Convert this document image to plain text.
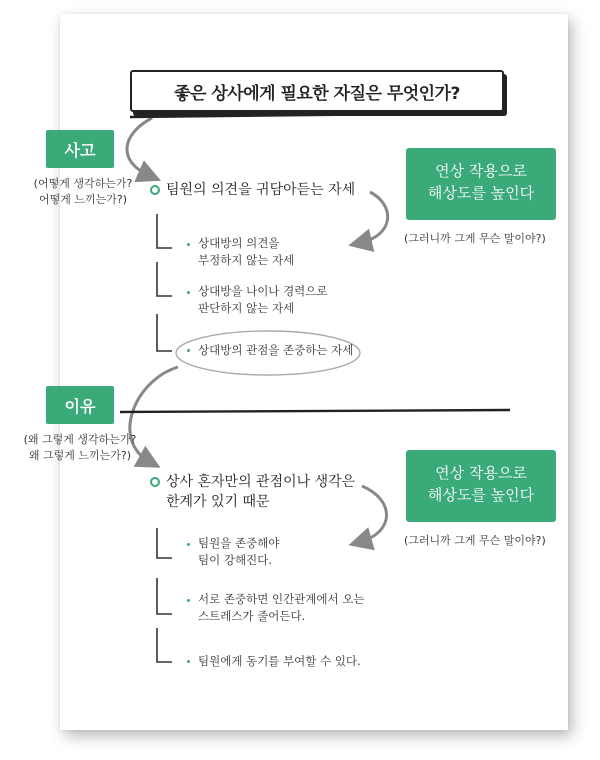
좋은 상사에게 필요한 자질은 무엇인가?
사고
(어떻게 생각하는가?
어떻게 느끼는가?)
팀원의 의견을 귀담아듣는 자세
연상 작용으로
해상도를 높인다
(그러니까 그게 무슨 말이야?)
상대방의 의견을
부정하지 않는 자세
상대방을 나이나 경력으로
판단하지 않는 자세
상대방의 관점을 존중하는 자세
이유
(왜 그렇게 생각하는가?
왜 그렇게 느끼는가?)
상사 혼자만의 관점이나 생각은
한계가 있기 때문
연상 작용으로
해상도를 높인다
(그러니까 그게 무슨 말이야?)
팀원을 존중해야
팀이 강해진다.
서로 존중하면 인간관계에서 오는
스트레스가 줄어든다.
팀원에게 동기를 부여할 수 있다.
